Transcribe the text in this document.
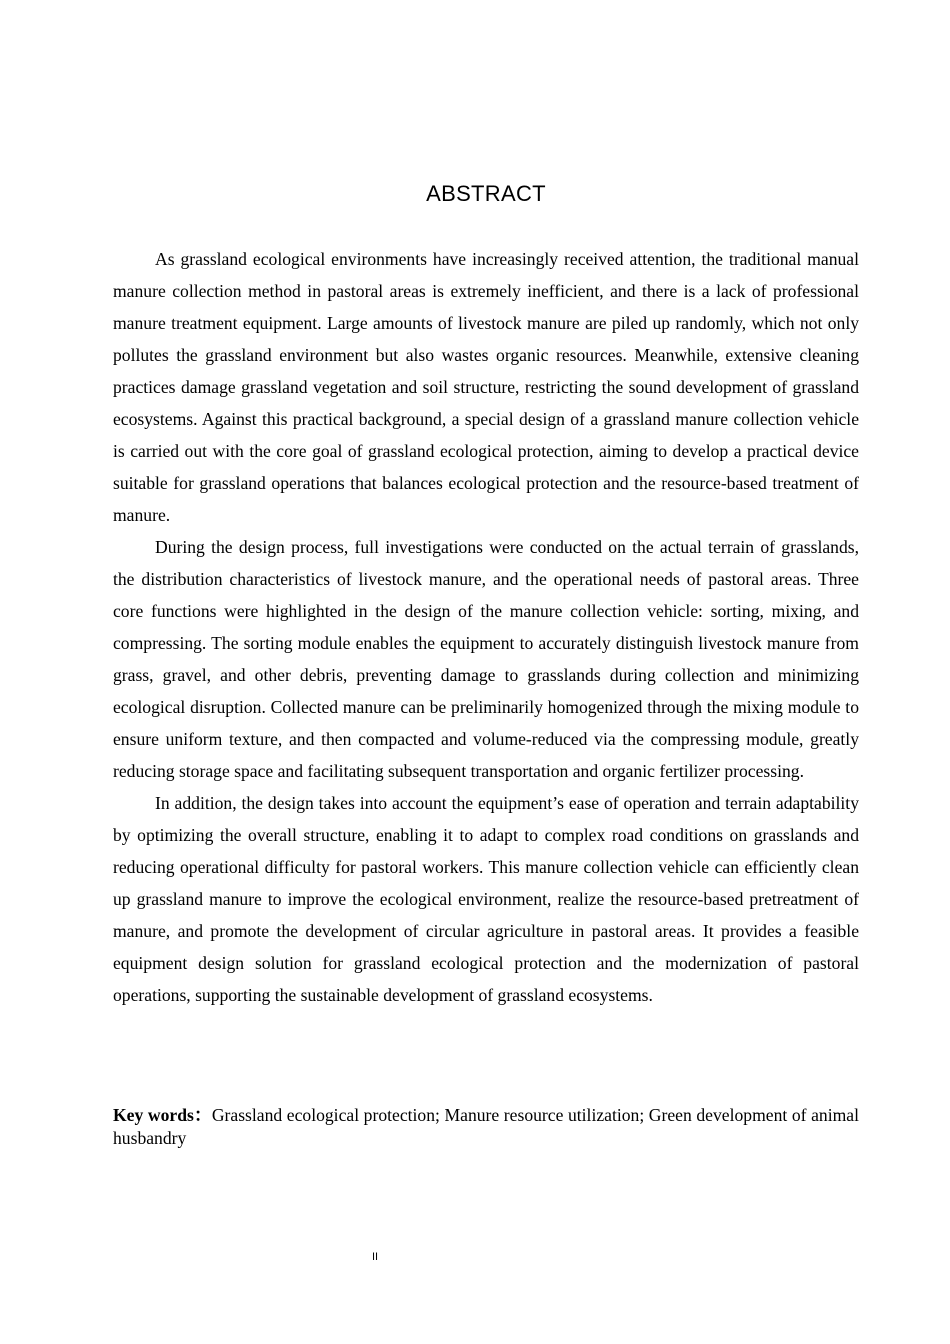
ABSTRACT

As grassland ecological environments have increasingly received attention, the traditional manual manure collection method in pastoral areas is extremely inefficient, and there is a lack of professional manure treatment equipment. Large amounts of livestock manure are piled up randomly, which not only pollutes the grassland environment but also wastes organic resources. Meanwhile, extensive cleaning practices damage grassland vegetation and soil structure, restricting the sound development of grassland ecosystems. Against this practical background, a special design of a grassland manure collection vehicle is carried out with the core goal of grassland ecological protection, aiming to develop a practical device suitable for grassland operations that balances ecological protection and the resource-based treatment of manure.

During the design process, full investigations were conducted on the actual terrain of grasslands, the distribution characteristics of livestock manure, and the operational needs of pastoral areas. Three core functions were highlighted in the design of the manure collection vehicle: sorting, mixing, and compressing. The sorting module enables the equipment to accurately distinguish livestock manure from grass, gravel, and other debris, preventing damage to grasslands during collection and minimizing ecological disruption. Collected manure can be preliminarily homogenized through the mixing module to ensure uniform texture, and then compacted and volume-reduced via the compressing module, greatly reducing storage space and facilitating subsequent transportation and organic fertilizer processing.

In addition, the design takes into account the equipment’s ease of operation and terrain adaptability by optimizing the overall structure, enabling it to adapt to complex road conditions on grasslands and reducing operational difficulty for pastoral workers. This manure collection vehicle can efficiently clean up grassland manure to improve the ecological environment, realize the resource-based pretreatment of manure, and promote the development of circular agriculture in pastoral areas. It provides a feasible equipment design solution for grassland ecological protection and the modernization of pastoral operations, supporting the sustainable development of grassland ecosystems.

Key words：Grassland ecological protection; Manure resource utilization; Green development of animal husbandry
II
